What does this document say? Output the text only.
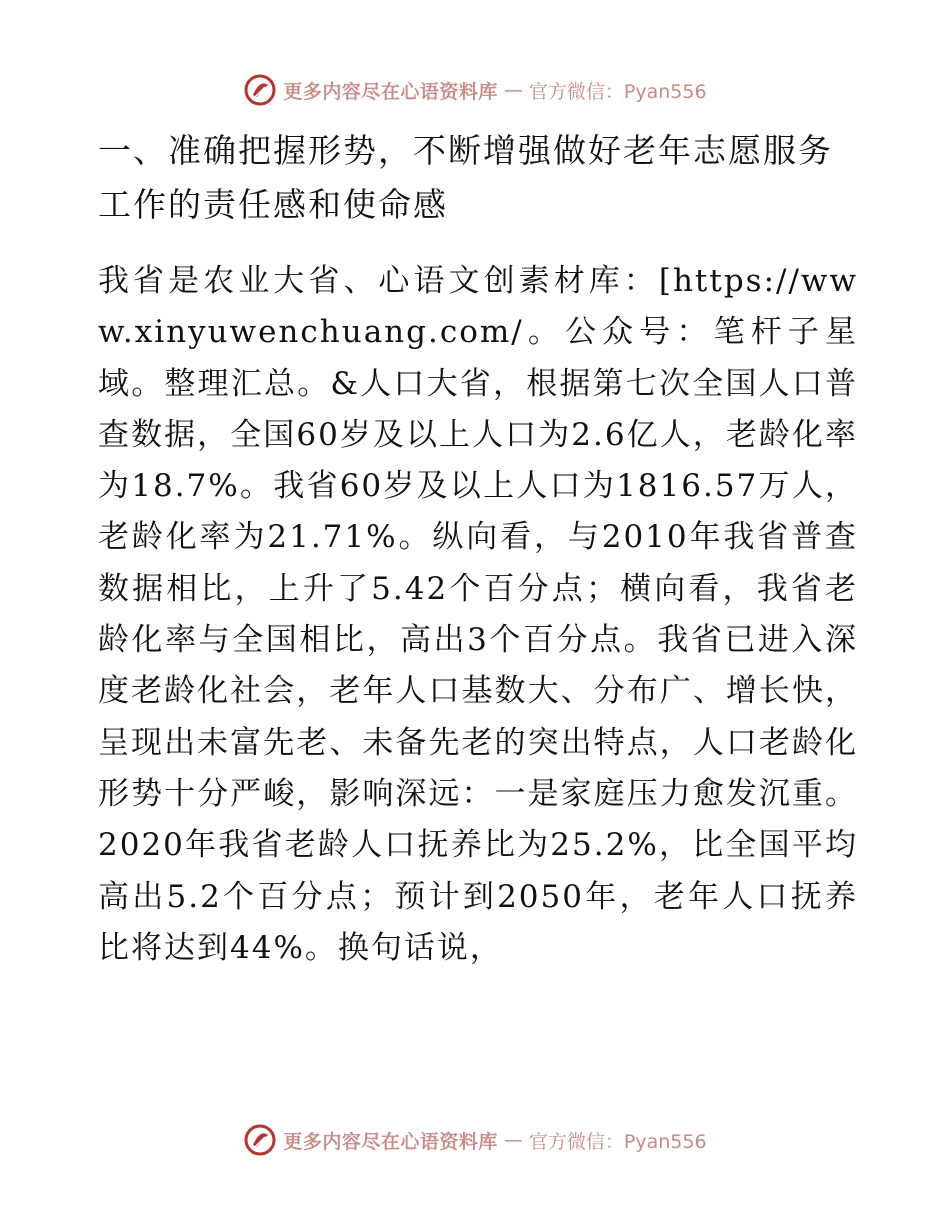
更多内容尽在心语资料库 — 官方微信：Pyan556
一、准确把握形势，不断增强做好老年志愿服务工作的责任感和使命感

我省是农业大省、心语文创素材库：[https://www.xinyuwenchuang.com/。公众号：笔杆子星域。整理汇总。&人口大省，根据第七次全国人口普查数据，全国60岁及以上人口为2.6亿人，老龄化率为18.7%。我省60岁及以上人口为1816.57万人，老龄化率为21.71%。纵向看，与2010年我省普查数据相比，上升了5.42个百分点；横向看，我省老龄化率与全国相比，高出3个百分点。我省已进入深度老龄化社会，老年人口基数大、分布广、增长快，呈现出未富先老、未备先老的突出特点，人口老龄化形势十分严峻，影响深远：一是家庭压力愈发沉重。2020年我省老龄人口抚养比为25.2%，比全国平均高出5.2个百分点；预计到2050年，老年人口抚养比将达到44%。换句话说，

更多内容尽在心语资料库 — 官方微信：Pyan556
